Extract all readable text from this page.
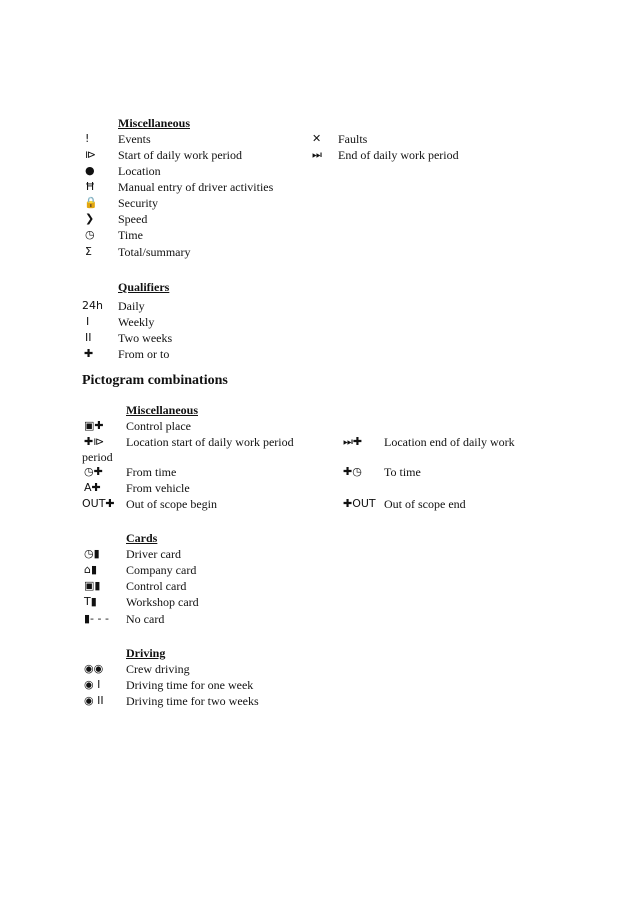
Miscellaneous
! Events
⧐ Start of daily work period
● Location
Ħ Manual entry of driver activities
🔒 Security
❯ Speed
◷ Time
Σ Total/summary
✕ Faults
⏭ End of daily work period
Qualifiers
24h Daily
I Weekly
II Two weeks
✚ From or to
Pictogram combinations
Miscellaneous
▣✚ Control place
✚⧐ Location start of daily work period
period
⏭✚ Location end of daily work
◷✚ From time	✚◷ To time
A✚ From vehicle
OUT✚ Out of scope begin	✚OUT Out of scope end
Cards
◷▮ Driver card
⌂▮ Company card
▣▮ Control card
T▮ Workshop card
▮- - - No card
Driving
◉◉ Crew driving
◉ I Driving time for one week
◉ II Driving time for two weeks
